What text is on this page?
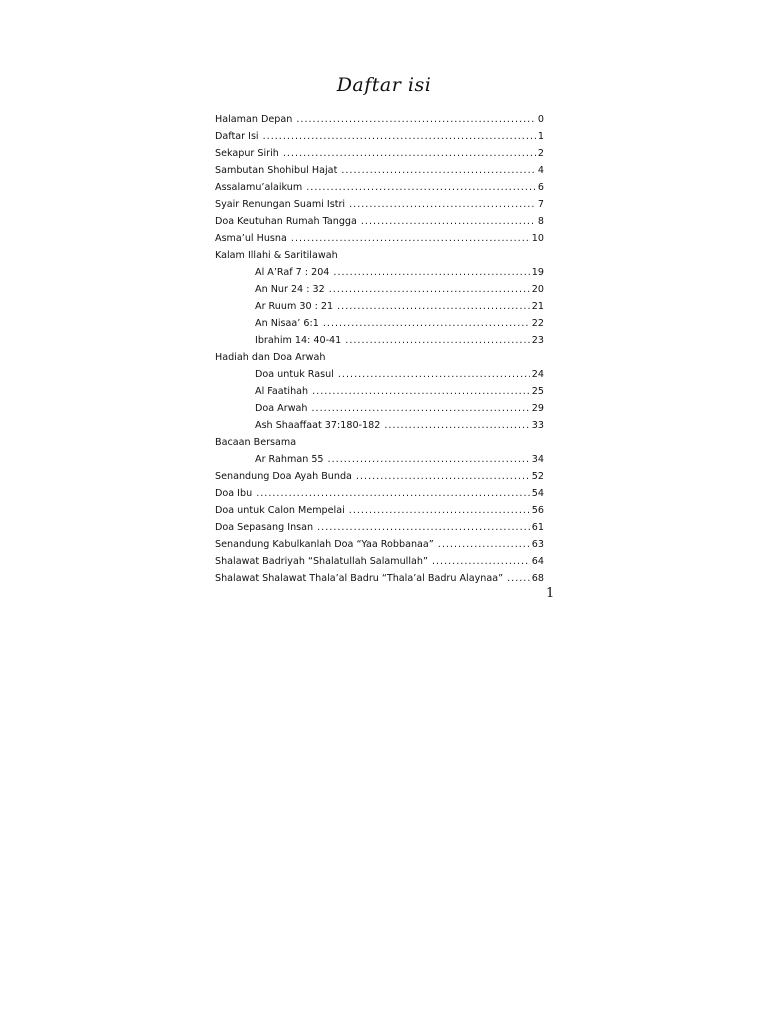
Daftar isi
Halaman Depan .....	0
Daftar Isi .....	1
Sekapur Sirih .....	2
Sambutan Shohibul Hajat .....	4
Assalamu’alaikum .....	6
Syair Renungan Suami Istri .....	7
Doa Keutuhan Rumah Tangga .....	8
Asma’ul Husna .....	10
Kalam Illahi & Saritilawah
Al A’Raf 7 : 204 .....	19
An Nur 24 : 32 .....	20
Ar Ruum 30 : 21 .....	21
An Nisaa’ 6:1 .....	22
Ibrahim 14: 40-41 .....	23
Hadiah dan Doa Arwah
Doa untuk Rasul .....	24
Al Faatihah .....	25
Doa Arwah .....	29
Ash Shaaffaat 37:180-182 .....	33
Bacaan Bersama
Ar Rahman 55 .....	34
Senandung Doa Ayah Bunda .....	52
Doa Ibu .....	54
Doa untuk Calon Mempelai .....	56
Doa Sepasang Insan .....	61
Senandung Kabulkanlah Doa “Yaa Robbanaa” .....	63
Shalawat Badriyah “Shalatullah Salamullah” .....	64
Shalawat Shalawat Thala’al Badru “Thala’al Badru Alaynaa” .....	68
1
